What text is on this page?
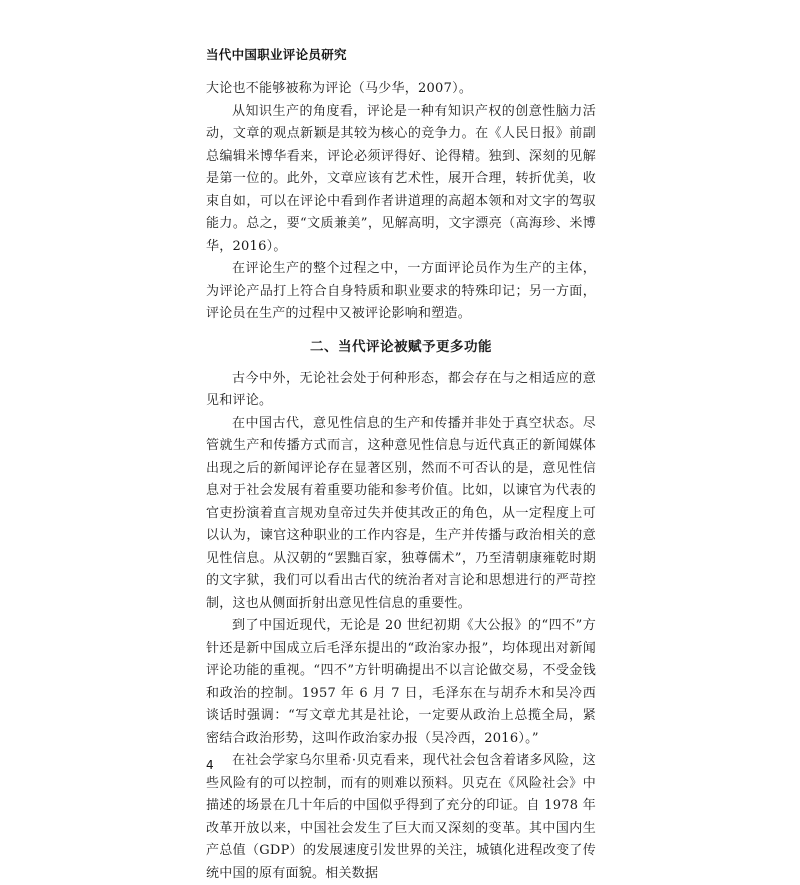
当代中国职业评论员研究

大论也不能够被称为评论（马少华，2007）。

从知识生产的角度看，评论是一种有知识产权的创意性脑力活动，文章的观点新颖是其较为核心的竞争力。在《人民日报》前副总编辑米博华看来，评论必须评得好、论得精。独到、深刻的见解是第一位的。此外，文章应该有艺术性，展开合理，转折优美，收束自如，可以在评论中看到作者讲道理的高超本领和对文字的驾驭能力。总之，要“文质兼美”，见解高明，文字漂亮（高海珍、米博华，2016）。

在评论生产的整个过程之中，一方面评论员作为生产的主体，为评论产品打上符合自身特质和职业要求的特殊印记；另一方面，评论员在生产的过程中又被评论影响和塑造。

二、当代评论被赋予更多功能

古今中外，无论社会处于何种形态，都会存在与之相适应的意见和评论。

在中国古代，意见性信息的生产和传播并非处于真空状态。尽管就生产和传播方式而言，这种意见性信息与近代真正的新闻媒体出现之后的新闻评论存在显著区别，然而不可否认的是，意见性信息对于社会发展有着重要功能和参考价值。比如，以谏官为代表的官吏扮演着直言规劝皇帝过失并使其改正的角色，从一定程度上可以认为，谏官这种职业的工作内容是，生产并传播与政治相关的意见性信息。从汉朝的“罢黜百家，独尊儒术”，乃至清朝康雍乾时期的文字狱，我们可以看出古代的统治者对言论和思想进行的严苛控制，这也从侧面折射出意见性信息的重要性。

到了中国近现代，无论是 20 世纪初期《大公报》的“四不”方针还是新中国成立后毛泽东提出的“政治家办报”，均体现出对新闻评论功能的重视。“四不”方针明确提出不以言论做交易，不受金钱和政治的控制。1957 年 6 月 7 日，毛泽东在与胡乔木和吴冷西谈话时强调：“写文章尤其是社论，一定要从政治上总揽全局，紧密结合政治形势，这叫作政治家办报（吴冷西，2016）。”

在社会学家乌尔里希·贝克看来，现代社会包含着诸多风险，这些风险有的可以控制，而有的则难以预料。贝克在《风险社会》中描述的场景在几十年后的中国似乎得到了充分的印证。自 1978 年改革开放以来，中国社会发生了巨大而又深刻的变革。其中国内生产总值（GDP）的发展速度引发世界的关注，城镇化进程改变了传统中国的原有面貌。相关数据

4
